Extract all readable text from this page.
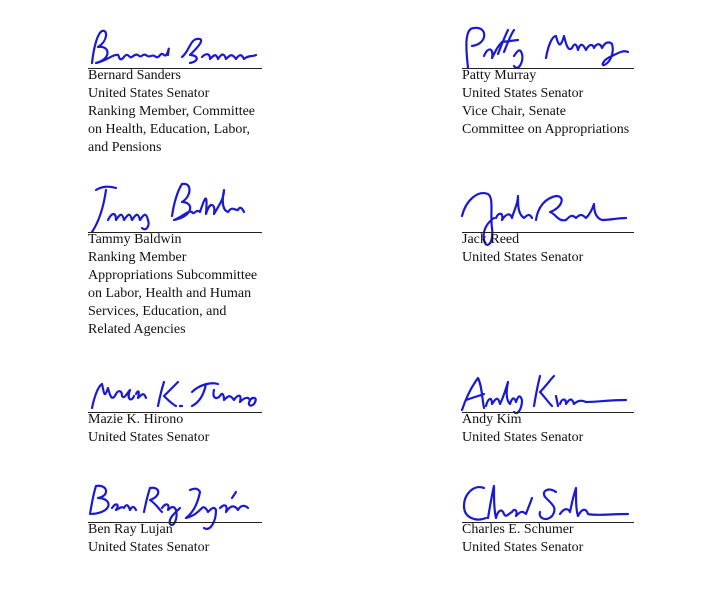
Bernard Sanders
United States Senator
Ranking Member, Committee
on Health, Education, Labor,
and Pensions
Patty Murray
United States Senator
Vice Chair, Senate
Committee on Appropriations
Tammy Baldwin
Ranking Member
Appropriations Subcommittee
on Labor, Health and Human
Services, Education, and
Related Agencies
Jack Reed
United States Senator
Mazie K. Hirono
United States Senator
Andy Kim
United States Senator
Ben Ray Lujan
United States Senator
Charles E. Schumer
United States Senator
